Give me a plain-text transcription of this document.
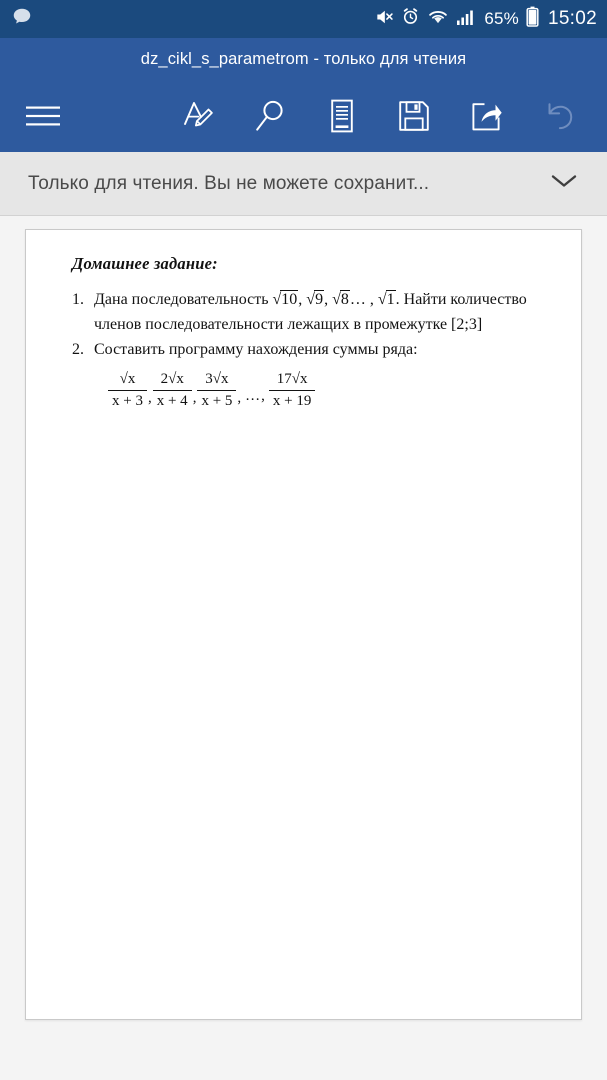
65% 15:02
dz_cikl_s_parametrom - только для чтения
Только для чтения. Вы не можете сохранит...
Домашнее задание:
1. Дана последовательность √10, √9, √8… , √1. Найти количество
членов последовательности лежащих в промежутке [2;3]
2. Составить программу нахождения суммы ряда:
$\frac{√x}{x + 3}$ , $\frac{2√x}{x + 4}$ , $\frac{3√x}{x + 5}$ , …, $\frac{17√x}{x + 19}$
